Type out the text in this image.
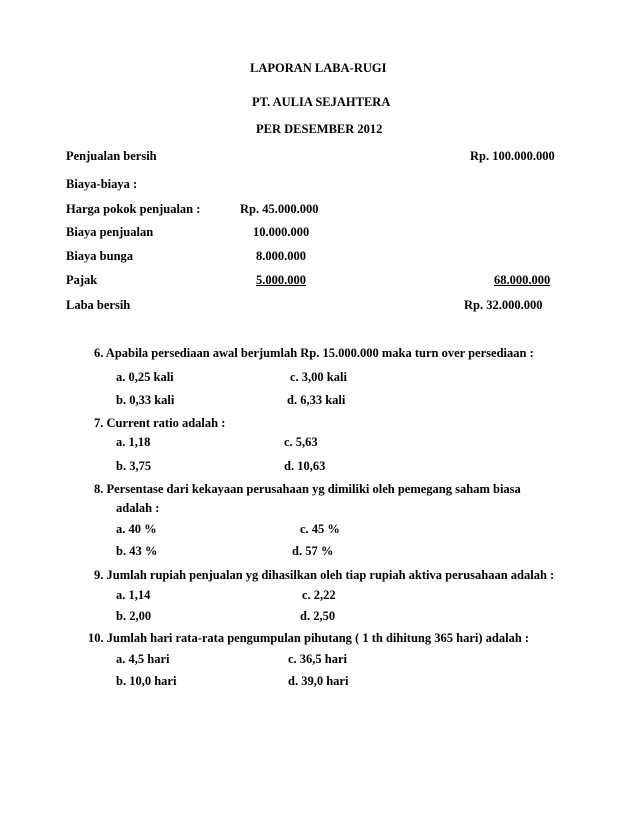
LAPORAN LABA-RUGI
PT. AULIA SEJAHTERA
PER DESEMBER 2012
Penjualan bersih	Rp. 100.000.000
Biaya-biaya :
Harga pokok penjualan :	Rp. 45.000.000
Biaya penjualan	10.000.000
Biaya bunga	8.000.000
Pajak	5.000.000	68.000.000
Laba bersih	Rp. 32.000.000
6. Apabila persediaan awal berjumlah Rp. 15.000.000 maka turn over persediaan :
a. 0,25 kali	c. 3,00 kali
b. 0,33 kali	d. 6,33 kali
7. Current ratio adalah :
a. 1,18	c. 5,63
b. 3,75	d. 10,63
8. Persentase dari kekayaan perusahaan yg dimiliki oleh pemegang saham biasa
adalah :
a. 40 %	c. 45 %
b. 43 %	d. 57 %
9. Jumlah rupiah penjualan yg dihasilkan oleh tiap rupiah aktiva perusahaan adalah :
a. 1,14	c. 2,22
b. 2,00	d. 2,50
10. Jumlah hari rata-rata pengumpulan pihutang ( 1 th dihitung 365 hari) adalah :
a. 4,5 hari	c. 36,5 hari
b. 10,0 hari	d. 39,0 hari
